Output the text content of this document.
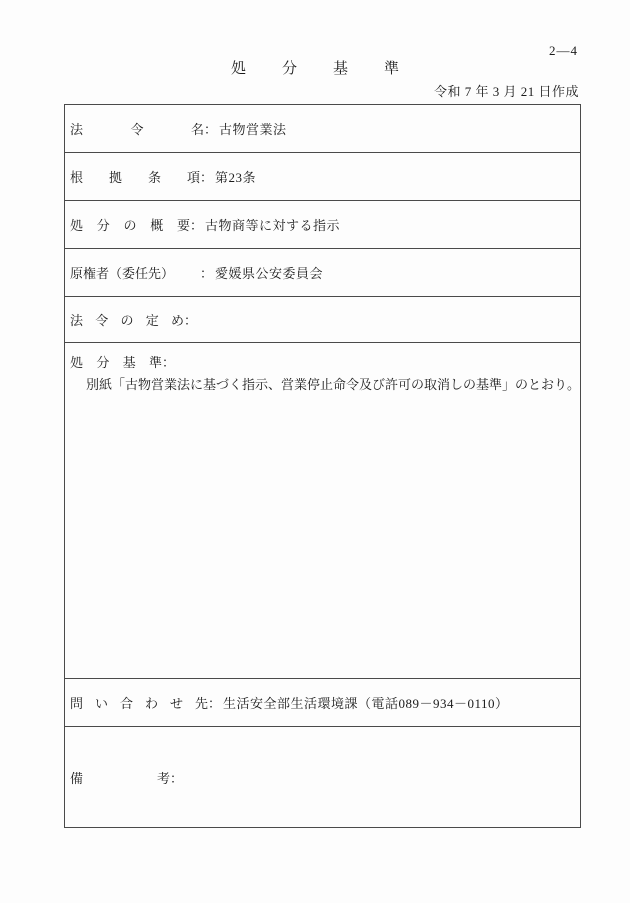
2—4
処分基準
令和 7 年 3 月 21 日作成
法令名 ： 古物営業法
根拠条項 ： 第23条
処分の概要 ： 古物商等に対する指示
原権者（委任先） ： 愛媛県公安委員会
法令の定め ：
処分基準：
別紙「古物営業法に基づく指示、営業停止命令及び許可の取消しの基準」のとおり。
問い合わせ先 ： 生活安全部生活環境課（電話089－934－0110）
備考 ：
